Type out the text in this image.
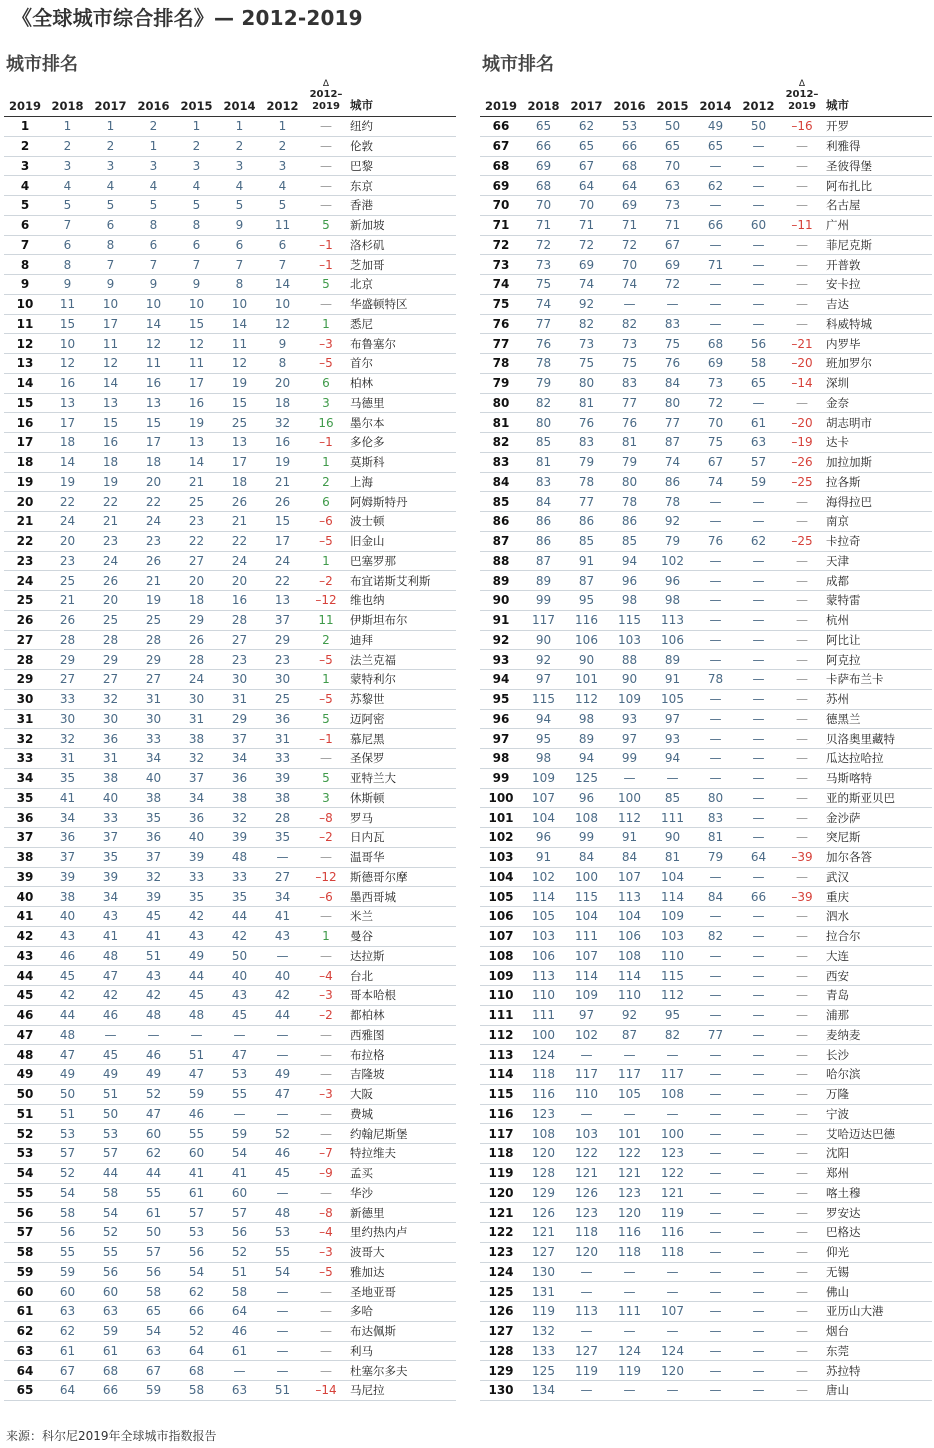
《全球城市综合排名》— 2012-2019
城市排名
2019	2018	2017	2016	2015	2014	2012	Δ
2012–
2019	城市
1	1	1	2	1	1	1	—	纽约
2	2	2	1	2	2	2	—	伦敦
3	3	3	3	3	3	3	—	巴黎
4	4	4	4	4	4	4	—	东京
5	5	5	5	5	5	5	—	香港
6	7	6	8	8	9	11	5	新加坡
7	6	8	6	6	6	6	–1	洛杉矶
8	8	7	7	7	7	7	–1	芝加哥
9	9	9	9	9	8	14	5	北京
10	11	10	10	10	10	10	—	华盛顿特区
11	15	17	14	15	14	12	1	悉尼
12	10	11	12	12	11	9	–3	布鲁塞尔
13	12	12	11	11	12	8	–5	首尔
14	16	14	16	17	19	20	6	柏林
15	13	13	13	16	15	18	3	马德里
16	17	15	15	19	25	32	16	墨尔本
17	18	16	17	13	13	16	–1	多伦多
18	14	18	18	14	17	19	1	莫斯科
19	19	19	20	21	18	21	2	上海
20	22	22	22	25	26	26	6	阿姆斯特丹
21	24	21	24	23	21	15	–6	波士顿
22	20	23	23	22	22	17	–5	旧金山
23	23	24	26	27	24	24	1	巴塞罗那
24	25	26	21	20	20	22	–2	布宜诺斯艾利斯
25	21	20	19	18	16	13	–12	维也纳
26	26	25	25	29	28	37	11	伊斯坦布尔
27	28	28	28	26	27	29	2	迪拜
28	29	29	29	28	23	23	–5	法兰克福
29	27	27	27	24	30	30	1	蒙特利尔
30	33	32	31	30	31	25	–5	苏黎世
31	30	30	30	31	29	36	5	迈阿密
32	32	36	33	38	37	31	–1	慕尼黑
33	31	31	34	32	34	33	—	圣保罗
34	35	38	40	37	36	39	5	亚特兰大
35	41	40	38	34	38	38	3	休斯顿
36	34	33	35	36	32	28	–8	罗马
37	36	37	36	40	39	35	–2	日内瓦
38	37	35	37	39	48	—	—	温哥华
39	39	39	32	33	33	27	–12	斯德哥尔摩
40	38	34	39	35	35	34	–6	墨西哥城
41	40	43	45	42	44	41	—	米兰
42	43	41	41	43	42	43	1	曼谷
43	46	48	51	49	50	—	—	达拉斯
44	45	47	43	44	40	40	–4	台北
45	42	42	42	45	43	42	–3	哥本哈根
46	44	46	48	48	45	44	–2	都柏林
47	48	—	—	—	—	—	—	西雅图
48	47	45	46	51	47	—	—	布拉格
49	49	49	49	47	53	49	—	吉隆坡
50	50	51	52	59	55	47	–3	大阪
51	51	50	47	46	—	—	—	费城
52	53	53	60	55	59	52	—	约翰尼斯堡
53	57	57	62	60	54	46	–7	特拉维夫
54	52	44	44	41	41	45	–9	孟买
55	54	58	55	61	60	—	—	华沙
56	58	54	61	57	57	48	–8	新德里
57	56	52	50	53	56	53	–4	里约热内卢
58	55	55	57	56	52	55	–3	波哥大
59	59	56	56	54	51	54	–5	雅加达
60	60	60	58	62	58	—	—	圣地亚哥
61	63	63	65	66	64	—	—	多哈
62	62	59	54	52	46	—	—	布达佩斯
63	61	61	63	64	61	—	—	利马
64	67	68	67	68	—	—	—	杜塞尔多夫
65	64	66	59	58	63	51	–14	马尼拉
城市排名
2019	2018	2017	2016	2015	2014	2012	Δ
2012–
2019	城市
66	65	62	53	50	49	50	–16	开罗
67	66	65	66	65	65	—	—	利雅得
68	69	67	68	70	—	—	—	圣彼得堡
69	68	64	64	63	62	—	—	阿布扎比
70	70	70	69	73	—	—	—	名古屋
71	71	71	71	71	66	60	–11	广州
72	72	72	72	67	—	—	—	菲尼克斯
73	73	69	70	69	71	—	—	开普敦
74	75	74	74	72	—	—	—	安卡拉
75	74	92	—	—	—	—	—	吉达
76	77	82	82	83	—	—	—	科威特城
77	76	73	73	75	68	56	–21	内罗毕
78	78	75	75	76	69	58	–20	班加罗尔
79	79	80	83	84	73	65	–14	深圳
80	82	81	77	80	72	—	—	金奈
81	80	76	76	77	70	61	–20	胡志明市
82	85	83	81	87	75	63	–19	达卡
83	81	79	79	74	67	57	–26	加拉加斯
84	83	78	80	86	74	59	–25	拉各斯
85	84	77	78	78	—	—	—	海得拉巴
86	86	86	86	92	—	—	—	南京
87	86	85	85	79	76	62	–25	卡拉奇
88	87	91	94	102	—	—	—	天津
89	89	87	96	96	—	—	—	成都
90	99	95	98	98	—	—	—	蒙特雷
91	117	116	115	113	—	—	—	杭州
92	90	106	103	106	—	—	—	阿比让
93	92	90	88	89	—	—	—	阿克拉
94	97	101	90	91	78	—	—	卡萨布兰卡
95	115	112	109	105	—	—	—	苏州
96	94	98	93	97	—	—	—	德黑兰
97	95	89	97	93	—	—	—	贝洛奥里藏特
98	98	94	99	94	—	—	—	瓜达拉哈拉
99	109	125	—	—	—	—	—	马斯喀特
100	107	96	100	85	80	—	—	亚的斯亚贝巴
101	104	108	112	111	83	—	—	金沙萨
102	96	99	91	90	81	—	—	突尼斯
103	91	84	84	81	79	64	–39	加尔各答
104	102	100	107	104	—	—	—	武汉
105	114	115	113	114	84	66	–39	重庆
106	105	104	104	109	—	—	—	泗水
107	103	111	106	103	82	—	—	拉合尔
108	106	107	108	110	—	—	—	大连
109	113	114	114	115	—	—	—	西安
110	110	109	110	112	—	—	—	青岛
111	111	97	92	95	—	—	—	浦那
112	100	102	87	82	77	—	—	麦纳麦
113	124	—	—	—	—	—	—	长沙
114	118	117	117	117	—	—	—	哈尔滨
115	116	110	105	108	—	—	—	万隆
116	123	—	—	—	—	—	—	宁波
117	108	103	101	100	—	—	—	艾哈迈达巴德
118	120	122	122	123	—	—	—	沈阳
119	128	121	121	122	—	—	—	郑州
120	129	126	123	121	—	—	—	喀土穆
121	126	123	120	119	—	—	—	罗安达
122	121	118	116	116	—	—	—	巴格达
123	127	120	118	118	—	—	—	仰光
124	130	—	—	—	—	—	—	无锡
125	131	—	—	—	—	—	—	佛山
126	119	113	111	107	—	—	—	亚历山大港
127	132	—	—	—	—	—	—	烟台
128	133	127	124	124	—	—	—	东莞
129	125	119	119	120	—	—	—	苏拉特
130	134	—	—	—	—	—	—	唐山
来源：科尔尼2019年全球城市指数报告
